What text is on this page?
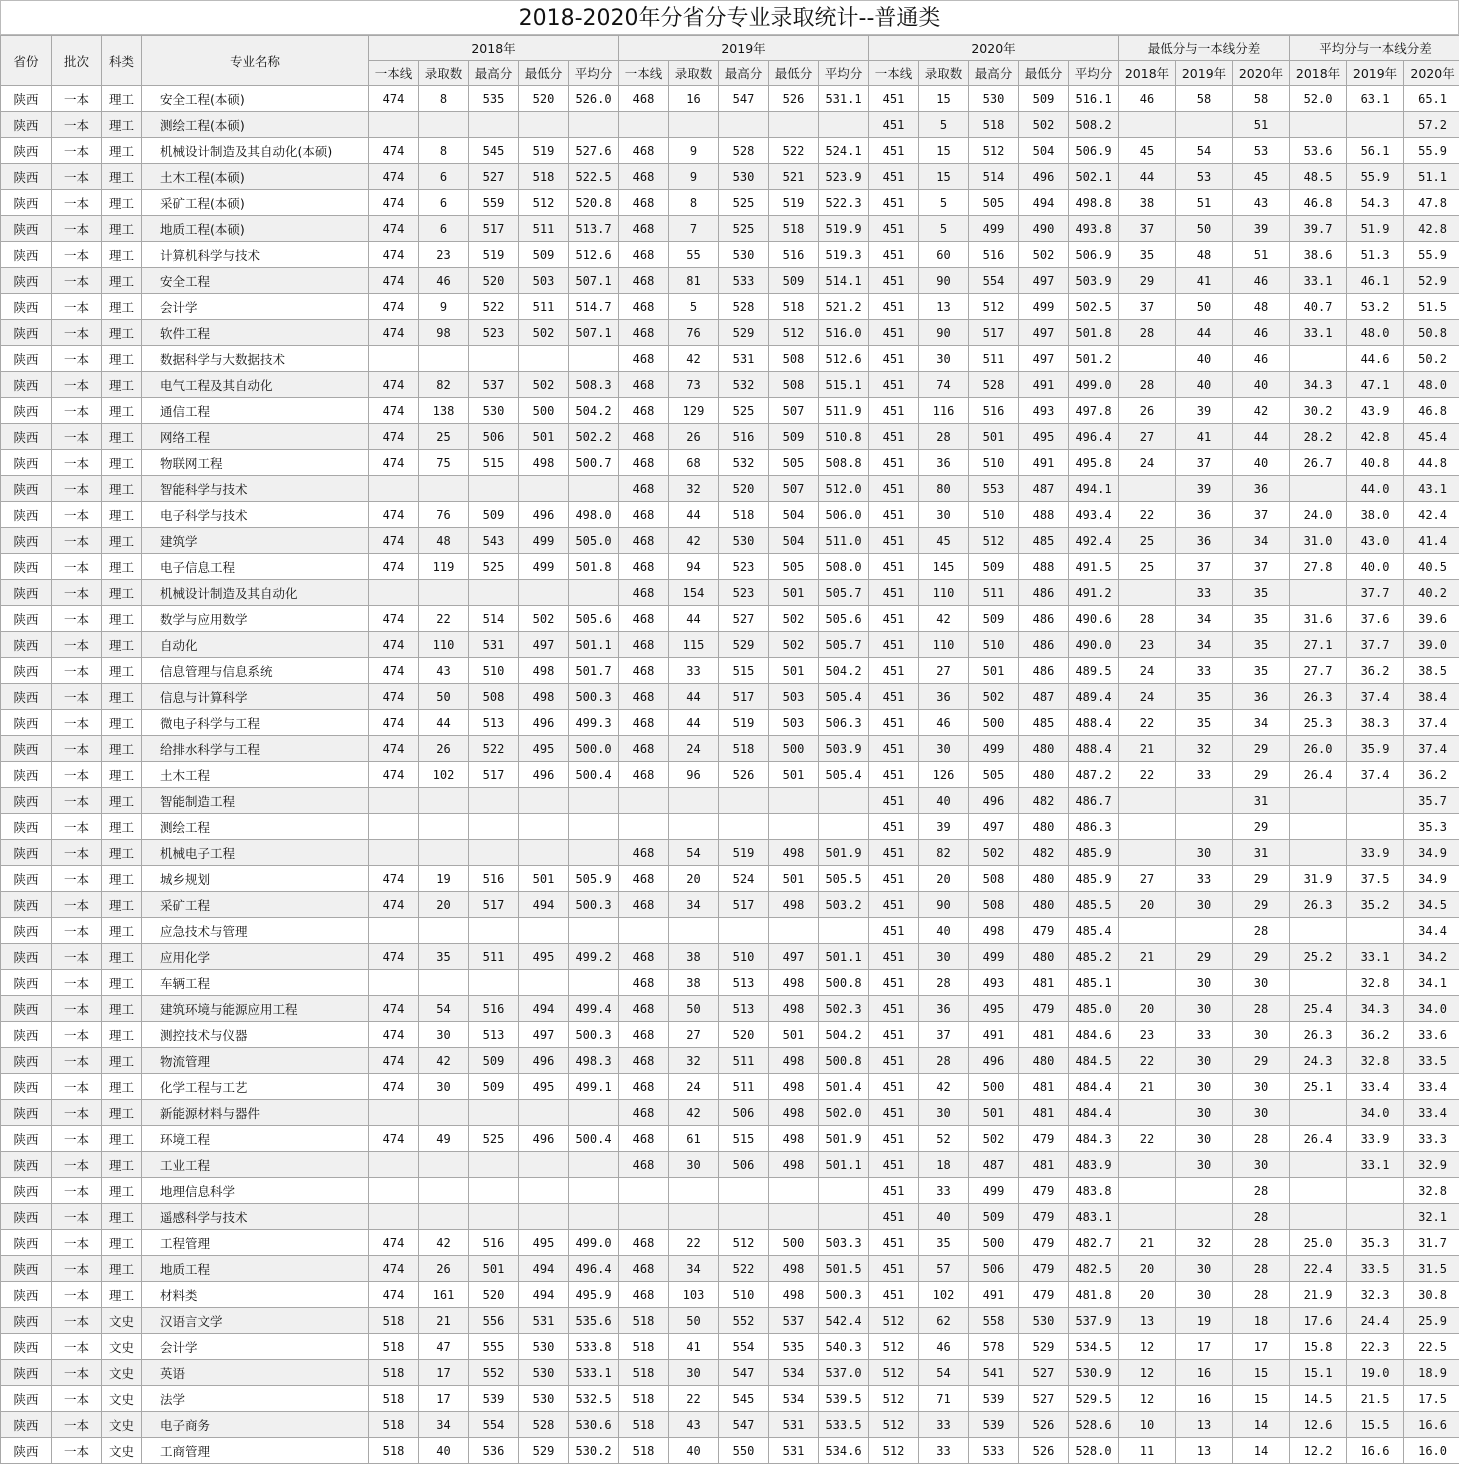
2018-2020年分省分专业录取统计--普通类
省份	批次	科类	专业名称	2018年					2019年					2020年					最低分与一本线分差			平均分与一本线分差		
				一本线	录取数	最高分	最低分	平均分	一本线	录取数	最高分	最低分	平均分	一本线	录取数	最高分	最低分	平均分	2018年	2019年	2020年	2018年	2019年	2020年
陕西	一本	理工	安全工程(本硕)	474	8	535	520	526.0	468	16	547	526	531.1	451	15	530	509	516.1	46	58	58	52.0	63.1	65.1
陕西	一本	理工	测绘工程(本硕)											451	5	518	502	508.2			51			57.2
陕西	一本	理工	机械设计制造及其自动化(本硕)	474	8	545	519	527.6	468	9	528	522	524.1	451	15	512	504	506.9	45	54	53	53.6	56.1	55.9
陕西	一本	理工	土木工程(本硕)	474	6	527	518	522.5	468	9	530	521	523.9	451	15	514	496	502.1	44	53	45	48.5	55.9	51.1
陕西	一本	理工	采矿工程(本硕)	474	6	559	512	520.8	468	8	525	519	522.3	451	5	505	494	498.8	38	51	43	46.8	54.3	47.8
陕西	一本	理工	地质工程(本硕)	474	6	517	511	513.7	468	7	525	518	519.9	451	5	499	490	493.8	37	50	39	39.7	51.9	42.8
陕西	一本	理工	计算机科学与技术	474	23	519	509	512.6	468	55	530	516	519.3	451	60	516	502	506.9	35	48	51	38.6	51.3	55.9
陕西	一本	理工	安全工程	474	46	520	503	507.1	468	81	533	509	514.1	451	90	554	497	503.9	29	41	46	33.1	46.1	52.9
陕西	一本	理工	会计学	474	9	522	511	514.7	468	5	528	518	521.2	451	13	512	499	502.5	37	50	48	40.7	53.2	51.5
陕西	一本	理工	软件工程	474	98	523	502	507.1	468	76	529	512	516.0	451	90	517	497	501.8	28	44	46	33.1	48.0	50.8
陕西	一本	理工	数据科学与大数据技术						468	42	531	508	512.6	451	30	511	497	501.2		40	46		44.6	50.2
陕西	一本	理工	电气工程及其自动化	474	82	537	502	508.3	468	73	532	508	515.1	451	74	528	491	499.0	28	40	40	34.3	47.1	48.0
陕西	一本	理工	通信工程	474	138	530	500	504.2	468	129	525	507	511.9	451	116	516	493	497.8	26	39	42	30.2	43.9	46.8
陕西	一本	理工	网络工程	474	25	506	501	502.2	468	26	516	509	510.8	451	28	501	495	496.4	27	41	44	28.2	42.8	45.4
陕西	一本	理工	物联网工程	474	75	515	498	500.7	468	68	532	505	508.8	451	36	510	491	495.8	24	37	40	26.7	40.8	44.8
陕西	一本	理工	智能科学与技术						468	32	520	507	512.0	451	80	553	487	494.1		39	36		44.0	43.1
陕西	一本	理工	电子科学与技术	474	76	509	496	498.0	468	44	518	504	506.0	451	30	510	488	493.4	22	36	37	24.0	38.0	42.4
陕西	一本	理工	建筑学	474	48	543	499	505.0	468	42	530	504	511.0	451	45	512	485	492.4	25	36	34	31.0	43.0	41.4
陕西	一本	理工	电子信息工程	474	119	525	499	501.8	468	94	523	505	508.0	451	145	509	488	491.5	25	37	37	27.8	40.0	40.5
陕西	一本	理工	机械设计制造及其自动化						468	154	523	501	505.7	451	110	511	486	491.2		33	35		37.7	40.2
陕西	一本	理工	数学与应用数学	474	22	514	502	505.6	468	44	527	502	505.6	451	42	509	486	490.6	28	34	35	31.6	37.6	39.6
陕西	一本	理工	自动化	474	110	531	497	501.1	468	115	529	502	505.7	451	110	510	486	490.0	23	34	35	27.1	37.7	39.0
陕西	一本	理工	信息管理与信息系统	474	43	510	498	501.7	468	33	515	501	504.2	451	27	501	486	489.5	24	33	35	27.7	36.2	38.5
陕西	一本	理工	信息与计算科学	474	50	508	498	500.3	468	44	517	503	505.4	451	36	502	487	489.4	24	35	36	26.3	37.4	38.4
陕西	一本	理工	微电子科学与工程	474	44	513	496	499.3	468	44	519	503	506.3	451	46	500	485	488.4	22	35	34	25.3	38.3	37.4
陕西	一本	理工	给排水科学与工程	474	26	522	495	500.0	468	24	518	500	503.9	451	30	499	480	488.4	21	32	29	26.0	35.9	37.4
陕西	一本	理工	土木工程	474	102	517	496	500.4	468	96	526	501	505.4	451	126	505	480	487.2	22	33	29	26.4	37.4	36.2
陕西	一本	理工	智能制造工程											451	40	496	482	486.7			31			35.7
陕西	一本	理工	测绘工程											451	39	497	480	486.3			29			35.3
陕西	一本	理工	机械电子工程						468	54	519	498	501.9	451	82	502	482	485.9		30	31		33.9	34.9
陕西	一本	理工	城乡规划	474	19	516	501	505.9	468	20	524	501	505.5	451	20	508	480	485.9	27	33	29	31.9	37.5	34.9
陕西	一本	理工	采矿工程	474	20	517	494	500.3	468	34	517	498	503.2	451	90	508	480	485.5	20	30	29	26.3	35.2	34.5
陕西	一本	理工	应急技术与管理											451	40	498	479	485.4			28			34.4
陕西	一本	理工	应用化学	474	35	511	495	499.2	468	38	510	497	501.1	451	30	499	480	485.2	21	29	29	25.2	33.1	34.2
陕西	一本	理工	车辆工程						468	38	513	498	500.8	451	28	493	481	485.1		30	30		32.8	34.1
陕西	一本	理工	建筑环境与能源应用工程	474	54	516	494	499.4	468	50	513	498	502.3	451	36	495	479	485.0	20	30	28	25.4	34.3	34.0
陕西	一本	理工	测控技术与仪器	474	30	513	497	500.3	468	27	520	501	504.2	451	37	491	481	484.6	23	33	30	26.3	36.2	33.6
陕西	一本	理工	物流管理	474	42	509	496	498.3	468	32	511	498	500.8	451	28	496	480	484.5	22	30	29	24.3	32.8	33.5
陕西	一本	理工	化学工程与工艺	474	30	509	495	499.1	468	24	511	498	501.4	451	42	500	481	484.4	21	30	30	25.1	33.4	33.4
陕西	一本	理工	新能源材料与器件						468	42	506	498	502.0	451	30	501	481	484.4		30	30		34.0	33.4
陕西	一本	理工	环境工程	474	49	525	496	500.4	468	61	515	498	501.9	451	52	502	479	484.3	22	30	28	26.4	33.9	33.3
陕西	一本	理工	工业工程						468	30	506	498	501.1	451	18	487	481	483.9		30	30		33.1	32.9
陕西	一本	理工	地理信息科学											451	33	499	479	483.8			28			32.8
陕西	一本	理工	遥感科学与技术											451	40	509	479	483.1			28			32.1
陕西	一本	理工	工程管理	474	42	516	495	499.0	468	22	512	500	503.3	451	35	500	479	482.7	21	32	28	25.0	35.3	31.7
陕西	一本	理工	地质工程	474	26	501	494	496.4	468	34	522	498	501.5	451	57	506	479	482.5	20	30	28	22.4	33.5	31.5
陕西	一本	理工	材料类	474	161	520	494	495.9	468	103	510	498	500.3	451	102	491	479	481.8	20	30	28	21.9	32.3	30.8
陕西	一本	文史	汉语言文学	518	21	556	531	535.6	518	50	552	537	542.4	512	62	558	530	537.9	13	19	18	17.6	24.4	25.9
陕西	一本	文史	会计学	518	47	555	530	533.8	518	41	554	535	540.3	512	46	578	529	534.5	12	17	17	15.8	22.3	22.5
陕西	一本	文史	英语	518	17	552	530	533.1	518	30	547	534	537.0	512	54	541	527	530.9	12	16	15	15.1	19.0	18.9
陕西	一本	文史	法学	518	17	539	530	532.5	518	22	545	534	539.5	512	71	539	527	529.5	12	16	15	14.5	21.5	17.5
陕西	一本	文史	电子商务	518	34	554	528	530.6	518	43	547	531	533.5	512	33	539	526	528.6	10	13	14	12.6	15.5	16.6
陕西	一本	文史	工商管理	518	40	536	529	530.2	518	40	550	531	534.6	512	33	533	526	528.0	11	13	14	12.2	16.6	16.0
